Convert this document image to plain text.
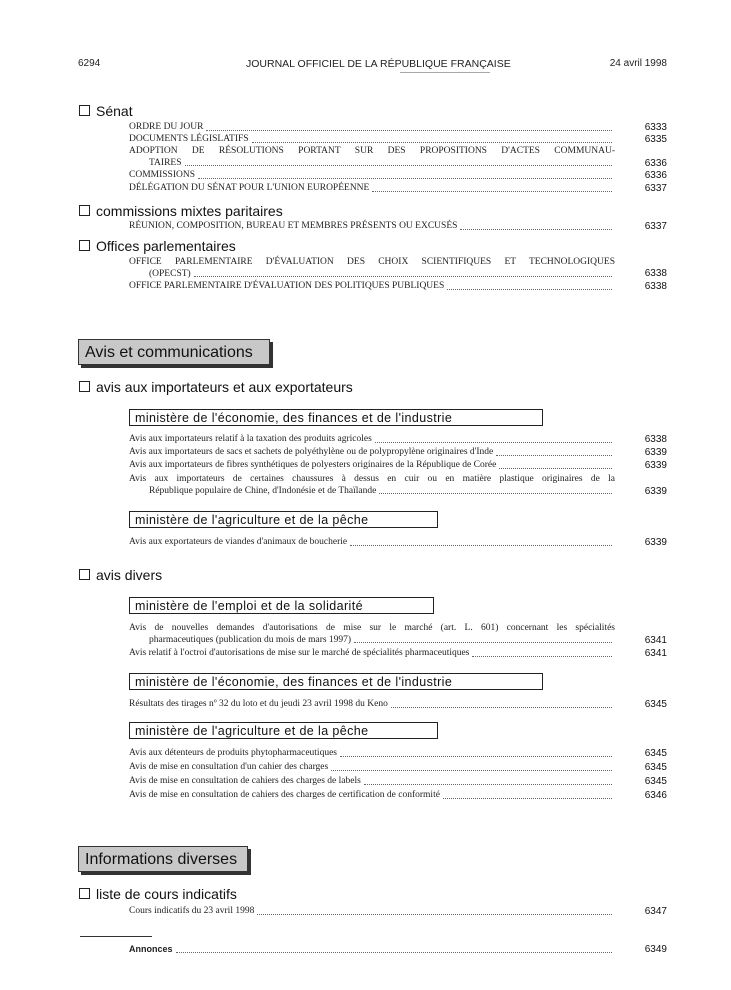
6294	JOURNAL OFFICIEL DE LA RÉPUBLIQUE FRANÇAISE	24 avril 1998
Sénat
ORDRE DU JOUR	6333
DOCUMENTS LÉGISLATIFS	6335
ADOPTION DE RÉSOLUTIONS PORTANT SUR DES PROPOSITIONS D'ACTES COMMUNAU-
TAIRES	6336
COMMISSIONS	6336
DÉLÉGATION DU SÉNAT POUR L'UNION EUROPÉENNE	6337
commissions mixtes paritaires
RÉUNION, COMPOSITION, BUREAU ET MEMBRES PRÉSENTS OU EXCUSÉS	6337
Offices parlementaires
OFFICE PARLEMENTAIRE D'ÉVALUATION DES CHOIX SCIENTIFIQUES ET TECHNOLOGIQUES
(OPECST)	6338
OFFICE PARLEMENTAIRE D'ÉVALUATION DES POLITIQUES PUBLIQUES	6338
Avis et communications
avis aux importateurs et aux exportateurs
ministère de l'économie, des finances et de l'industrie
Avis aux importateurs relatif à la taxation des produits agricoles	6338
Avis aux importateurs de sacs et sachets de polyéthylène ou de polypropylène originaires d'Inde	6339
Avis aux importateurs de fibres synthétiques de polyesters originaires de la République de Corée	6339
Avis aux importateurs de certaines chaussures à dessus en cuir ou en matière plastique originaires de la
République populaire de Chine, d'Indonésie et de Thaïlande	6339
ministère de l'agriculture et de la pêche
Avis aux exportateurs de viandes d'animaux de boucherie	6339
avis divers
ministère de l'emploi et de la solidarité
Avis de nouvelles demandes d'autorisations de mise sur le marché (art. L. 601) concernant les spécialités
pharmaceutiques (publication du mois de mars 1997)	6341
Avis relatif à l'octroi d'autorisations de mise sur le marché de spécialités pharmaceutiques	6341
ministère de l'économie, des finances et de l'industrie
Résultats des tirages nº 32 du loto et du jeudi 23 avril 1998 du Keno	6345
ministère de l'agriculture et de la pêche
Avis aux détenteurs de produits phytopharmaceutiques	6345
Avis de mise en consultation d'un cahier des charges	6345
Avis de mise en consultation de cahiers des charges de labels	6345
Avis de mise en consultation de cahiers des charges de certification de conformité	6346
Informations diverses
liste de cours indicatifs
Cours indicatifs du 23 avril 1998	6347
Annonces	6349
